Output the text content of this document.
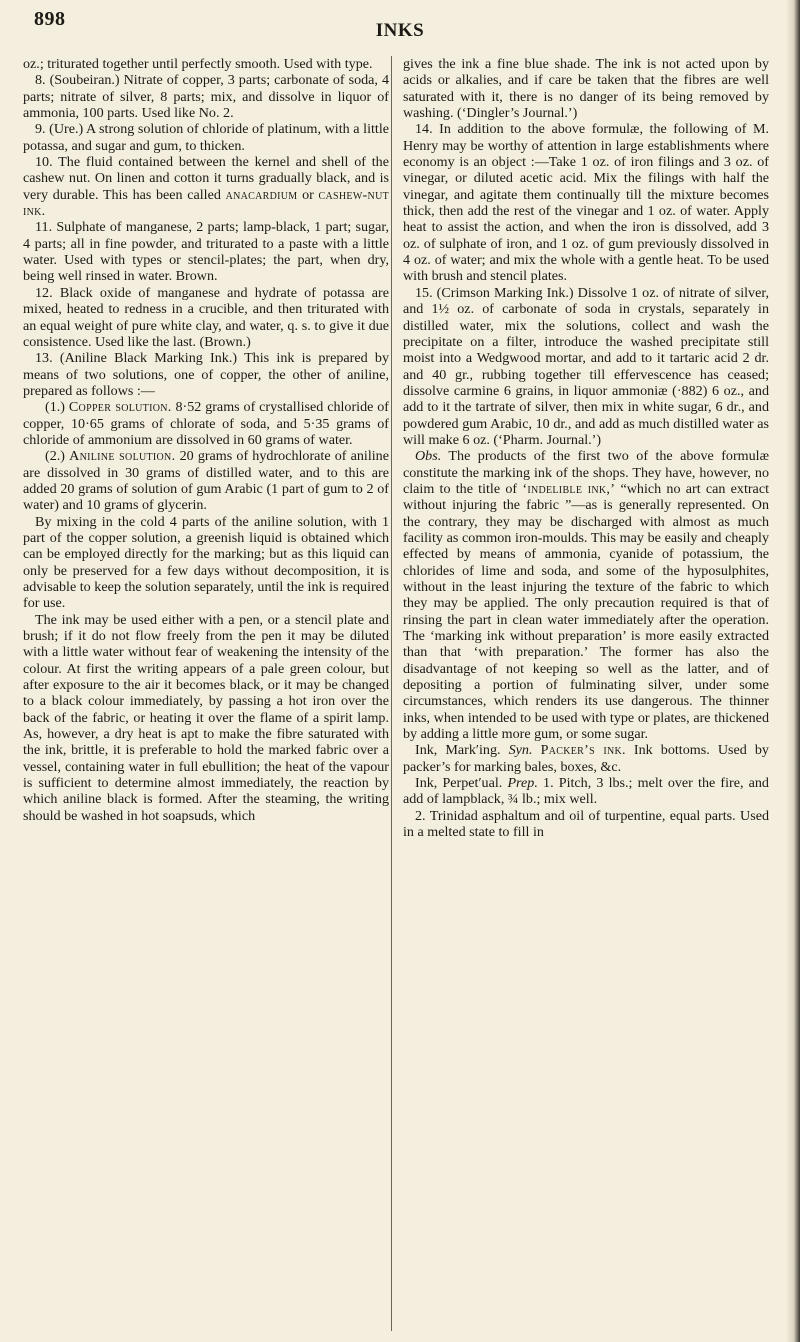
898
INKS

oz.; triturated together until perfectly smooth. Used with type.

8. (Soubeiran.) Nitrate of copper, 3 parts; carbonate of soda, 4 parts; nitrate of silver, 8 parts; mix, and dissolve in liquor of ammonia, 100 parts. Used like No. 2.

9. (Ure.) A strong solution of chloride of platinum, with a little potassa, and sugar and gum, to thicken.

10. The fluid contained between the kernel and shell of the cashew nut. On linen and cotton it turns gradually black, and is very durable. This has been called anacardium or cashew-nut ink.

11. Sulphate of manganese, 2 parts; lamp-black, 1 part; sugar, 4 parts; all in fine powder, and triturated to a paste with a little water. Used with types or stencil-plates; the part, when dry, being well rinsed in water. Brown.

12. Black oxide of manganese and hydrate of potassa are mixed, heated to redness in a crucible, and then triturated with an equal weight of pure white clay, and water, q. s. to give it due consistence. Used like the last. (Brown.)

13. (Aniline Black Marking Ink.) This ink is prepared by means of two solutions, one of copper, the other of aniline, prepared as follows :—

(1.) Copper solution. 8·52 grams of crystallised chloride of copper, 10·65 grams of chlorate of soda, and 5·35 grams of chloride of ammonium are dissolved in 60 grams of water.

(2.) Aniline solution. 20 grams of hydrochlorate of aniline are dissolved in 30 grams of distilled water, and to this are added 20 grams of solution of gum Arabic (1 part of gum to 2 of water) and 10 grams of glycerin.

By mixing in the cold 4 parts of the aniline solution, with 1 part of the copper solution, a greenish liquid is obtained which can be employed directly for the marking; but as this liquid can only be preserved for a few days without decomposition, it is advisable to keep the solution separately, until the ink is required for use.

The ink may be used either with a pen, or a stencil plate and brush; if it do not flow freely from the pen it may be diluted with a little water without fear of weakening the intensity of the colour. At first the writing appears of a pale green colour, but after exposure to the air it becomes black, or it may be changed to a black colour immediately, by passing a hot iron over the back of the fabric, or heating it over the flame of a spirit lamp. As, however, a dry heat is apt to make the fibre saturated with the ink, brittle, it is preferable to hold the marked fabric over a vessel, containing water in full ebullition; the heat of the vapour is sufficient to determine almost immediately, the reaction by which aniline black is formed. After the steaming, the writing should be washed in hot soapsuds, which

gives the ink a fine blue shade. The ink is not acted upon by acids or alkalies, and if care be taken that the fibres are well saturated with it, there is no danger of its being removed by washing. (‘Dingler’s Journal.’)

14. In addition to the above formulæ, the following of M. Henry may be worthy of attention in large establishments where economy is an object :—Take 1 oz. of iron filings and 3 oz. of vinegar, or diluted acetic acid. Mix the filings with half the vinegar, and agitate them continually till the mixture becomes thick, then add the rest of the vinegar and 1 oz. of water. Apply heat to assist the action, and when the iron is dissolved, add 3 oz. of sulphate of iron, and 1 oz. of gum previously dissolved in 4 oz. of water; and mix the whole with a gentle heat. To be used with brush and stencil plates.

15. (Crimson Marking Ink.) Dissolve 1 oz. of nitrate of silver, and 1½ oz. of carbonate of soda in crystals, separately in distilled water, mix the solutions, collect and wash the precipitate on a filter, introduce the washed precipitate still moist into a Wedgwood mortar, and add to it tartaric acid 2 dr. and 40 gr., rubbing together till effervescence has ceased; dissolve carmine 6 grains, in liquor ammoniæ (·882) 6 oz., and add to it the tartrate of silver, then mix in white sugar, 6 dr., and powdered gum Arabic, 10 dr., and add as much distilled water as will make 6 oz. (‘Pharm. Journal.’)

Obs. The products of the first two of the above formulæ constitute the marking ink of the shops. They have, however, no claim to the title of ‘indelible ink,’ “which no art can extract without injuring the fabric ”—as is generally represented. On the contrary, they may be discharged with almost as much facility as common iron-moulds. This may be easily and cheaply effected by means of ammonia, cyanide of potassium, the chlorides of lime and soda, and some of the hyposulphites, without in the least injuring the texture of the fabric to which they may be applied. The only precaution required is that of rinsing the part in clean water immediately after the operation. The ‘marking ink without preparation’ is more easily extracted than that ‘with preparation.’ The former has also the disadvantage of not keeping so well as the latter, and of depositing a portion of fulminating silver, under some circumstances, which renders its use dangerous. The thinner inks, when intended to be used with type or plates, are thickened by adding a little more gum, or some sugar.

Ink, Mark′ing. Syn. Packer’s ink. Ink bottoms. Used by packer’s for marking bales, boxes, &c.

Ink, Perpet′ual. Prep. 1. Pitch, 3 lbs.; melt over the fire, and add of lampblack, ¾ lb.; mix well.

2. Trinidad asphaltum and oil of turpentine, equal parts. Used in a melted state to fill in
